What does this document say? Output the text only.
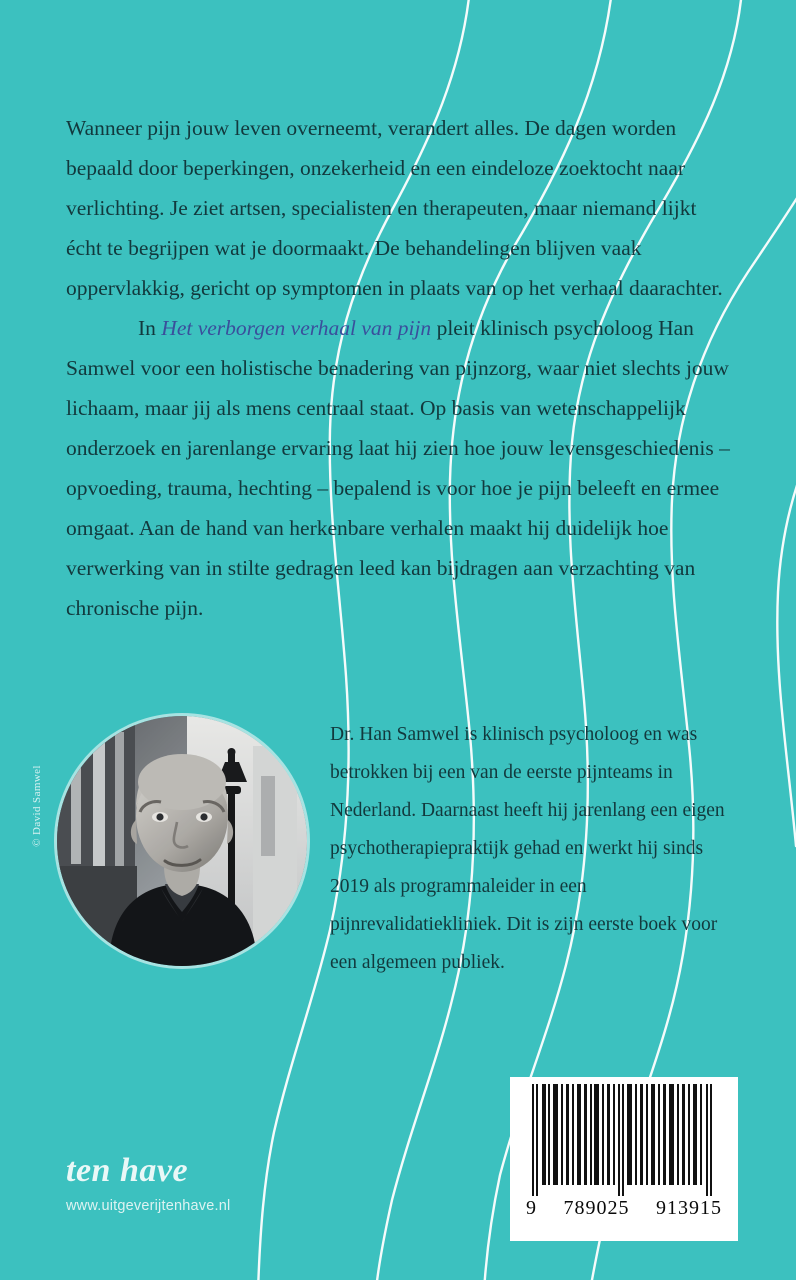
Wanneer pijn jouw leven overneemt, verandert alles. De dagen worden bepaald door beperkingen, onzekerheid en een eindeloze zoektocht naar verlichting. Je ziet artsen, specialisten en therapeuten, maar niemand lijkt écht te begrijpen wat je doormaakt. De behandelingen blijven vaak oppervlakkig, gericht op symptomen in plaats van op het verhaal daarachter.

In Het verborgen verhaal van pijn pleit klinisch psycholoog Han Samwel voor een holistische benadering van pijnzorg, waar niet slechts jouw lichaam, maar jij als mens centraal staat. Op basis van wetenschappelijk onderzoek en jarenlange ervaring laat hij zien hoe jouw levensgeschiedenis – opvoeding, trauma, hechting – bepalend is voor hoe je pijn beleeft en ermee omgaat. Aan de hand van herkenbare verhalen maakt hij duidelijk hoe verwerking van in stilte gedragen leed kan bijdragen aan verzachting van chronische pijn.

© David Samwel
Dr. Han Samwel is klinisch psycholoog en was betrokken bij een van de eerste pijnteams in Nederland. Daarnaast heeft hij jarenlang een eigen psychotherapiepraktijk gehad en werkt hij sinds 2019 als programmaleider in een pijnrevalidatiekliniek. Dit is zijn eerste boek voor een algemeen publiek.
ten have
www.uitgeverijtenhave.nl	9 789025 913915
